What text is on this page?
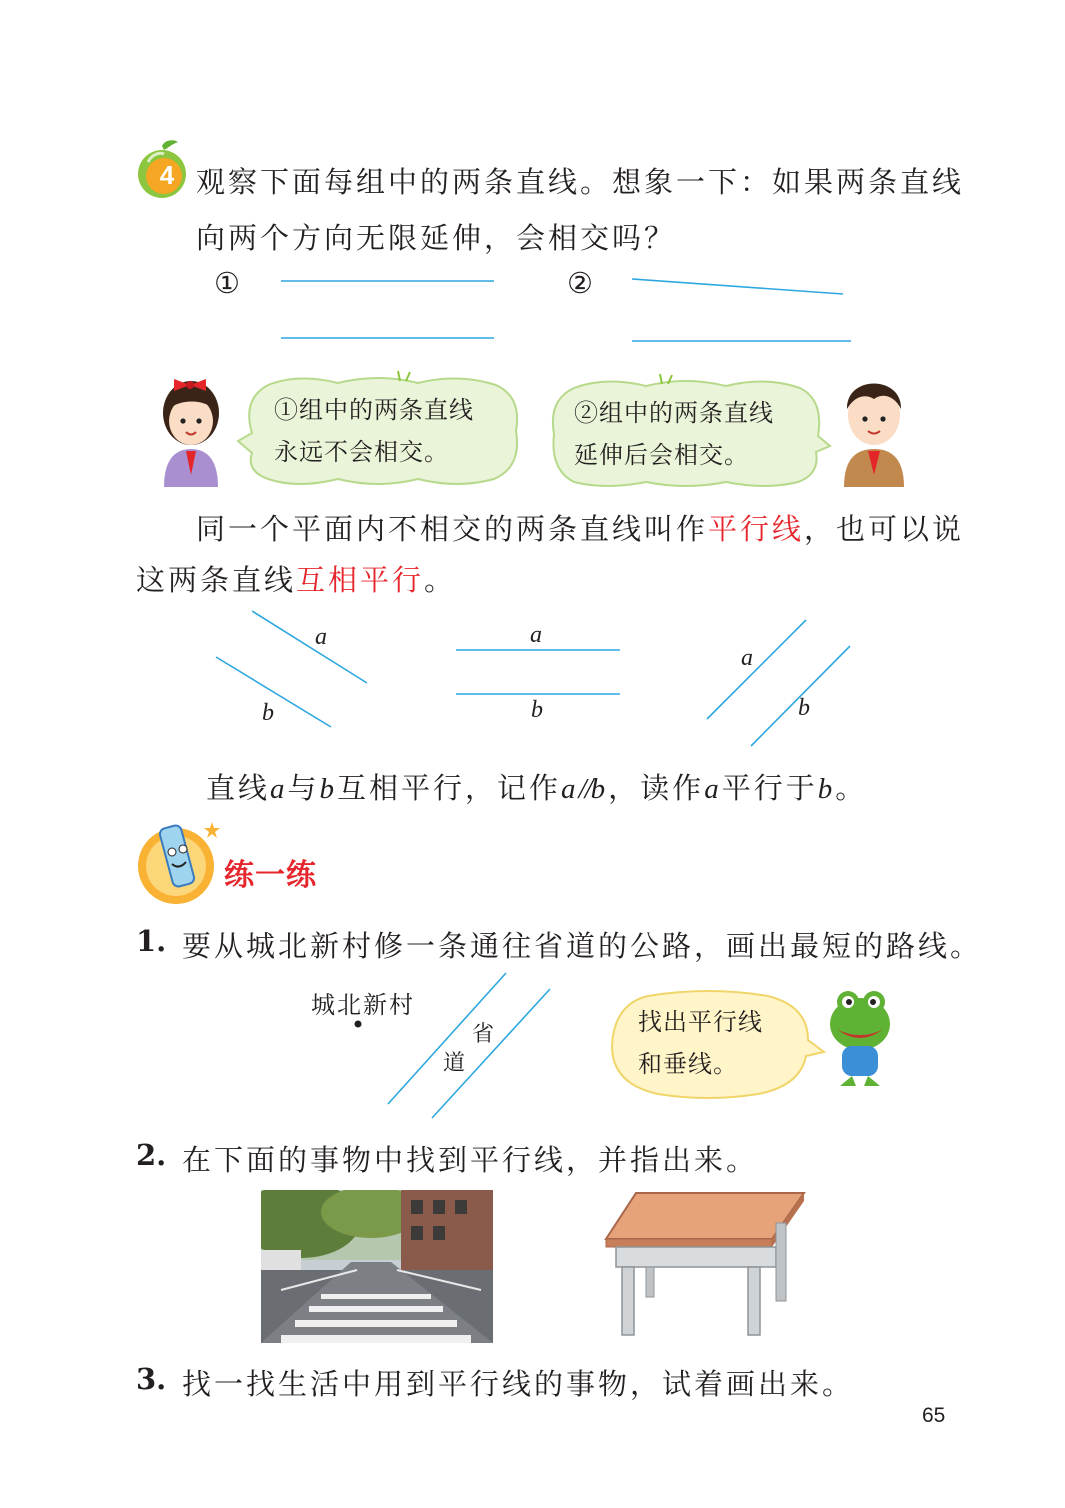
4 观察下面每组中的两条直线。想象一下：如果两条直线
向两个方向无限延伸，会相交吗？
①	②
①组中的两条直线
永远不会相交。
②组中的两条直线
延伸后会相交。
同一个平面内不相交的两条直线叫作平行线，也可以说
这两条直线互相平行。
a
b
a
b
a
b
直线a与b互相平行，记作a//b，读作a平行于b。
练一练
1. 要从城北新村修一条通往省道的公路，画出最短的路线。
城北新村
省
道
找出平行线
和垂线。
2. 在下面的事物中找到平行线，并指出来。
3. 找一找生活中用到平行线的事物，试着画出来。
65
